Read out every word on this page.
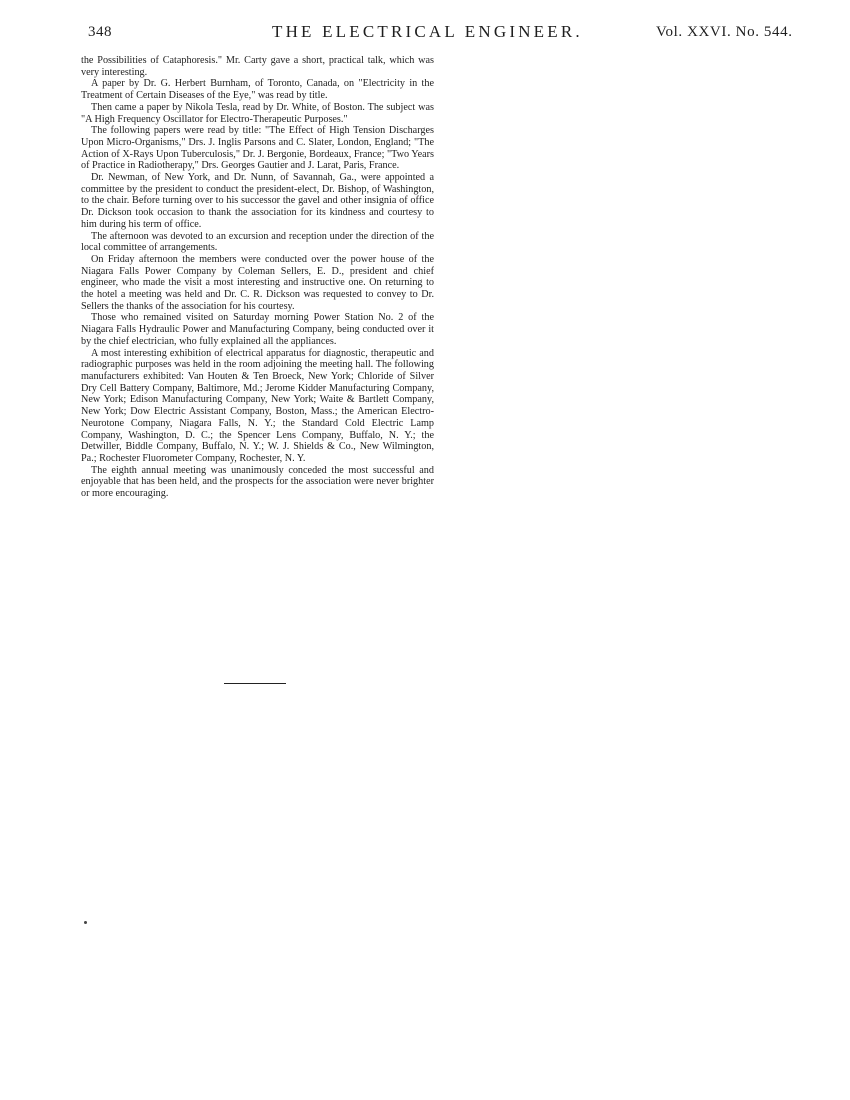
348	THE ELECTRICAL ENGINEER.	Vol. XXVI. No. 544.

the Possibilities of Cataphoresis." Mr. Carty gave a short, practical talk, which was very interesting.

A paper by Dr. G. Herbert Burnham, of Toronto, Canada, on "Electricity in the Treatment of Certain Diseases of the Eye," was read by title.

Then came a paper by Nikola Tesla, read by Dr. White, of Boston. The subject was "A High Frequency Oscillator for Electro-Therapeutic Purposes."

The following papers were read by title: "The Effect of High Tension Discharges Upon Micro-Organisms," Drs. J. Inglis Parsons and C. Slater, London, England; "The Action of X-Rays Upon Tuberculosis," Dr. J. Bergonie, Bordeaux, France; "Two Years of Practice in Radiotherapy," Drs. Georges Gautier and J. Larat, Paris, France.

Dr. Newman, of New York, and Dr. Nunn, of Savannah, Ga., were appointed a committee by the president to conduct the president-elect, Dr. Bishop, of Washington, to the chair. Before turning over to his successor the gavel and other insignia of office Dr. Dickson took occasion to thank the association for its kindness and courtesy to him during his term of office.

The afternoon was devoted to an excursion and reception under the direction of the local committee of arrangements.

On Friday afternoon the members were conducted over the power house of the Niagara Falls Power Company by Coleman Sellers, E. D., president and chief engineer, who made the visit a most interesting and instructive one. On returning to the hotel a meeting was held and Dr. C. R. Dickson was requested to convey to Dr. Sellers the thanks of the association for his courtesy.

Those who remained visited on Saturday morning Power Station No. 2 of the Niagara Falls Hydraulic Power and Manufacturing Company, being conducted over it by the chief electrician, who fully explained all the appliances.

A most interesting exhibition of electrical apparatus for diagnostic, therapeutic and radiographic purposes was held in the room adjoining the meeting hall. The following manufacturers exhibited: Van Houten & Ten Broeck, New York; Chloride of Silver Dry Cell Battery Company, Baltimore, Md.; Jerome Kidder Manufacturing Company, New York; Edison Manufacturing Company, New York; Waite & Bartlett Company, New York; Dow Electric Assistant Company, Boston, Mass.; the American Electro-Neurotone Company, Niagara Falls, N. Y.; the Standard Cold Electric Lamp Company, Washington, D. C.; the Spencer Lens Company, Buffalo, N. Y.; the Detwiller, Biddle Company, Buffalo, N. Y.; W. J. Shields & Co., New Wilmington, Pa.; Rochester Fluorometer Company, Rochester, N. Y.

The eighth annual meeting was unanimously conceded the most successful and enjoyable that has been held, and the prospects for the association were never brighter or more encouraging.
